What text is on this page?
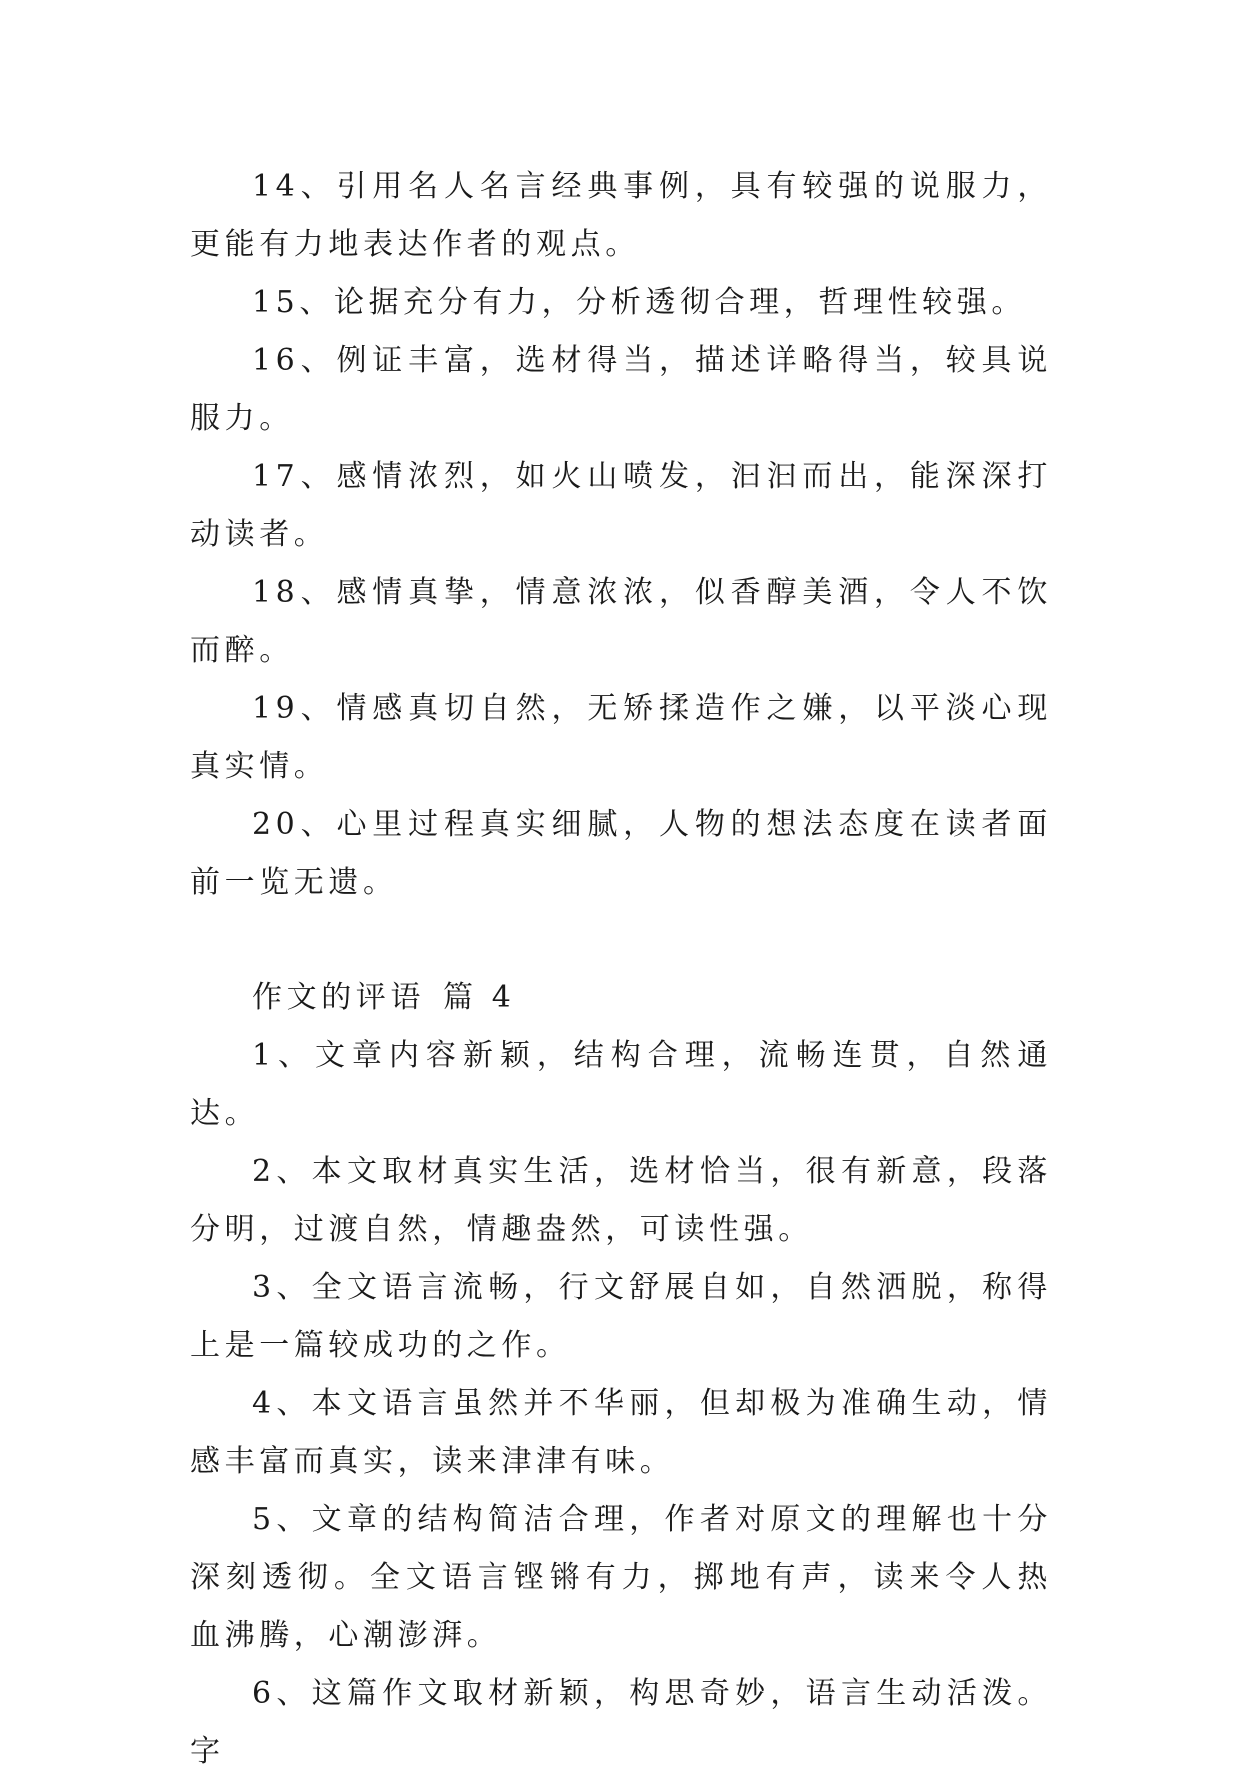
14、引用名人名言经典事例，具有较强的说服力，更能有力地表达作者的观点。

15、论据充分有力，分析透彻合理，哲理性较强。

16、例证丰富，选材得当，描述详略得当，较具说服力。

17、感情浓烈，如火山喷发，汩汩而出，能深深打动读者。

18、感情真挚，情意浓浓，似香醇美酒，令人不饮而醉。

19、情感真切自然，无矫揉造作之嫌，以平淡心现真实情。

20、心里过程真实细腻，人物的想法态度在读者面前一览无遗。

作文的评语 篇 4

1、文章内容新颖，结构合理，流畅连贯，自然通达。

2、本文取材真实生活，选材恰当，很有新意，段落分明，过渡自然，情趣盎然，可读性强。

3、全文语言流畅，行文舒展自如，自然洒脱，称得上是一篇较成功的之作。

4、本文语言虽然并不华丽，但却极为准确生动，情感丰富而真实，读来津津有味。

5、文章的结构简洁合理，作者对原文的理解也十分深刻透彻。全文语言铿锵有力，掷地有声，读来令人热血沸腾，心潮澎湃。

6、这篇作文取材新颖，构思奇妙，语言生动活泼。字
